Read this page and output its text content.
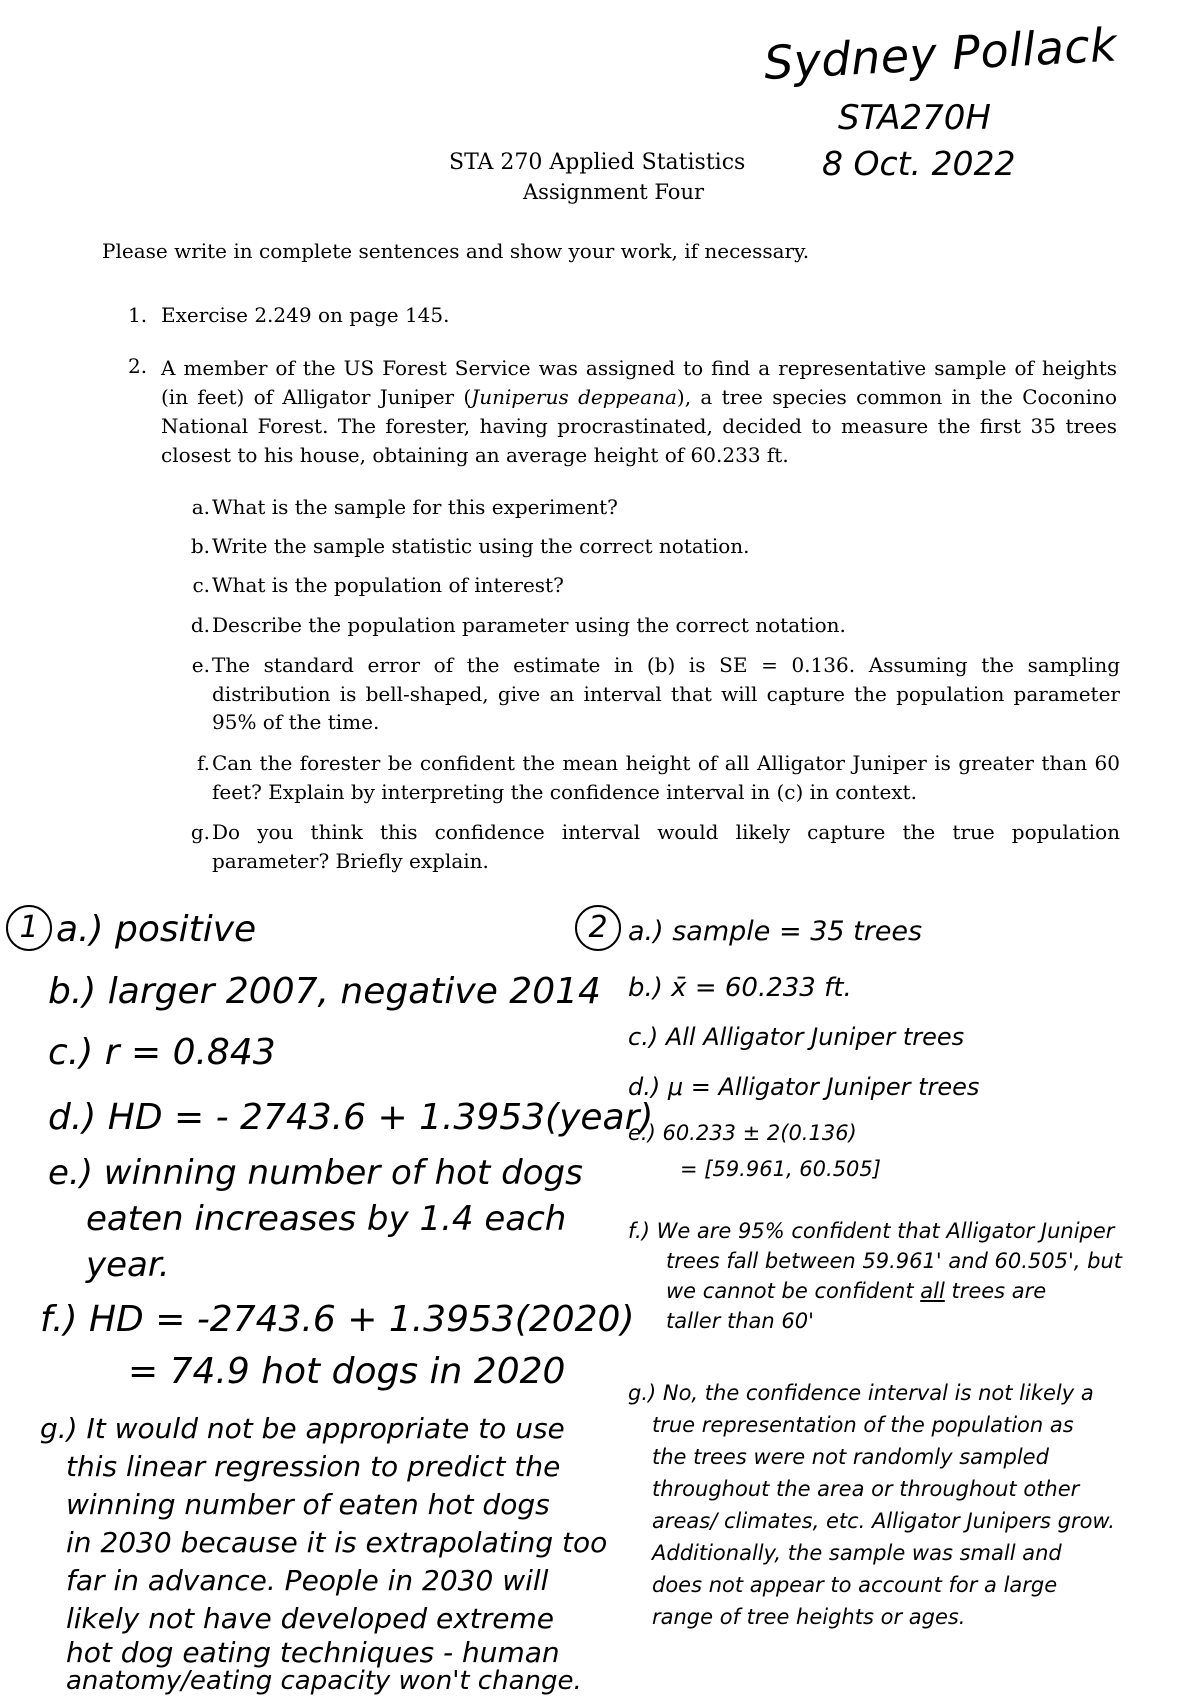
Sydney Pollack
STA270H
8 Oct. 2022
STA 270 Applied Statistics
Assignment Four
Please write in complete sentences and show your work, if necessary.
1. Exercise 2.249 on page 145.
2. A member of the US Forest Service was assigned to find a representative sample of heights (in feet) of Alligator Juniper (Juniperus deppeana), a tree species common in the Coconino National Forest. The forester, having procrastinated, decided to measure the first 35 trees closest to his house, obtaining an average height of 60.233 ft.
a. What is the sample for this experiment?
b. Write the sample statistic using the correct notation.
c. What is the population of interest?
d. Describe the population parameter using the correct notation.
e. The standard error of the estimate in (b) is SE = 0.136. Assuming the sampling distribution is bell-shaped, give an interval that will capture the population parameter 95% of the time.
f. Can the forester be confident the mean height of all Alligator Juniper is greater than 60 feet? Explain by interpreting the confidence interval in (c) in context.
g. Do you think this confidence interval would likely capture the true population parameter? Briefly explain.
1 a.) positive
b.) larger 2007, negative 2014
c.) r = 0.843
d.) HD = - 2743.6 + 1.3953(year)
e.) winning number of hot dogs
eaten increases by 1.4 each
year.
f.) HD = -2743.6 + 1.3953(2020)
= 74.9 hot dogs in 2020
g.) It would not be appropriate to use
this linear regression to predict the
winning number of eaten hot dogs
in 2030 because it is extrapolating too
far in advance. People in 2030 will
likely not have developed extreme
hot dog eating techniques - human
anatomy/eating capacity won't change.
2 a.) sample = 35 trees
b.) x̄ = 60.233 ft.
c.) All Alligator Juniper trees
d.) μ = Alligator Juniper trees
e.) 60.233 ± 2(0.136)
= [59.961, 60.505]
f.) We are 95% confident that Alligator Juniper
trees fall between 59.961' and 60.505', but
we cannot be confident all trees are
taller than 60'
g.) No, the confidence interval is not likely a
true representation of the population as
the trees were not randomly sampled
throughout the area or throughout other
areas/ climates, etc. Alligator Junipers grow.
Additionally, the sample was small and
does not appear to account for a large
range of tree heights or ages.
